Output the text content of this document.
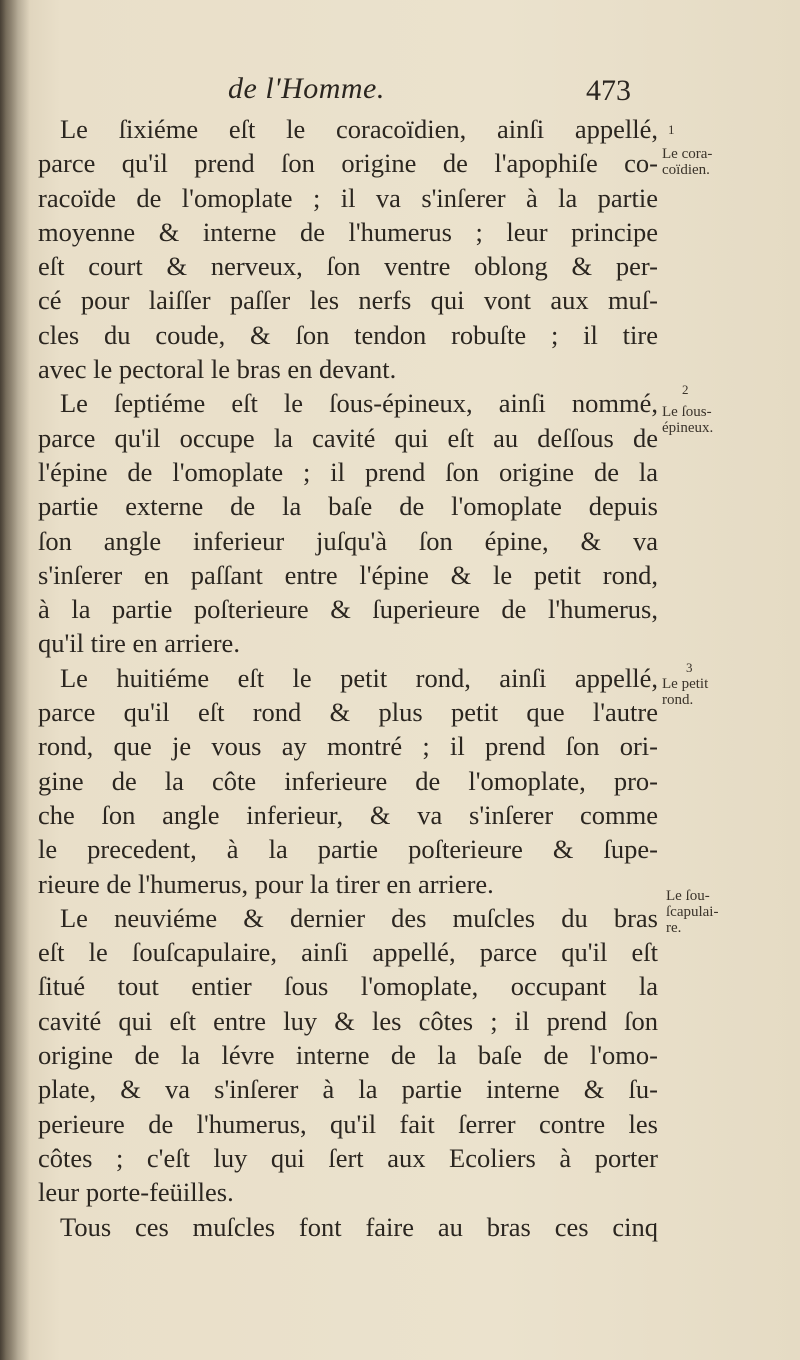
de l'Homme.	473
Le ſixiéme eſt le coracoïdien, ainſi appellé,
parce qu'il prend ſon origine de l'apophiſe co-
racoïde de l'omoplate ; il va s'inſerer à la partie
moyenne & interne de l'humerus ; leur principe
eſt court & nerveux, ſon ventre oblong & per-
cé pour laiſſer paſſer les nerfs qui vont aux muſ-
cles du coude, & ſon tendon robuſte ; il tire
avec le pectoral le bras en devant.
Le ſeptiéme eſt le ſous-épineux, ainſi nommé,
parce qu'il occupe la cavité qui eſt au deſſous de
l'épine de l'omoplate ; il prend ſon origine de la
partie externe de la baſe de l'omoplate depuis
ſon angle inferieur juſqu'à ſon épine, & va
s'inſerer en paſſant entre l'épine & le petit rond,
à la partie poſterieure & ſuperieure de l'humerus,
qu'il tire en arriere.
Le huitiéme eſt le petit rond, ainſi appellé,
parce qu'il eſt rond & plus petit que l'autre
rond, que je vous ay montré ; il prend ſon ori-
gine de la côte inferieure de l'omoplate, pro-
che ſon angle inferieur, & va s'inſerer comme
le precedent, à la partie poſterieure & ſupe-
rieure de l'humerus, pour la tirer en arriere.
Le neuviéme & dernier des muſcles du bras
eſt le ſouſcapulaire, ainſi appellé, parce qu'il eſt
ſitué tout entier ſous l'omoplate, occupant la
cavité qui eſt entre luy & les côtes ; il prend ſon
origine de la lévre interne de la baſe de l'omo-
plate, & va s'inſerer à la partie interne & ſu-
perieure de l'humerus, qu'il fait ſerrer contre les
côtes ; c'eſt luy qui ſert aux Ecoliers à porter
leur porte-feüilles.
Tous ces muſcles font faire au bras ces cinq
1
Le cora-
coïdien.
2
Le ſous-
épineux.
3
Le petit
rond.
Le ſou-
ſcapulai-
re.
